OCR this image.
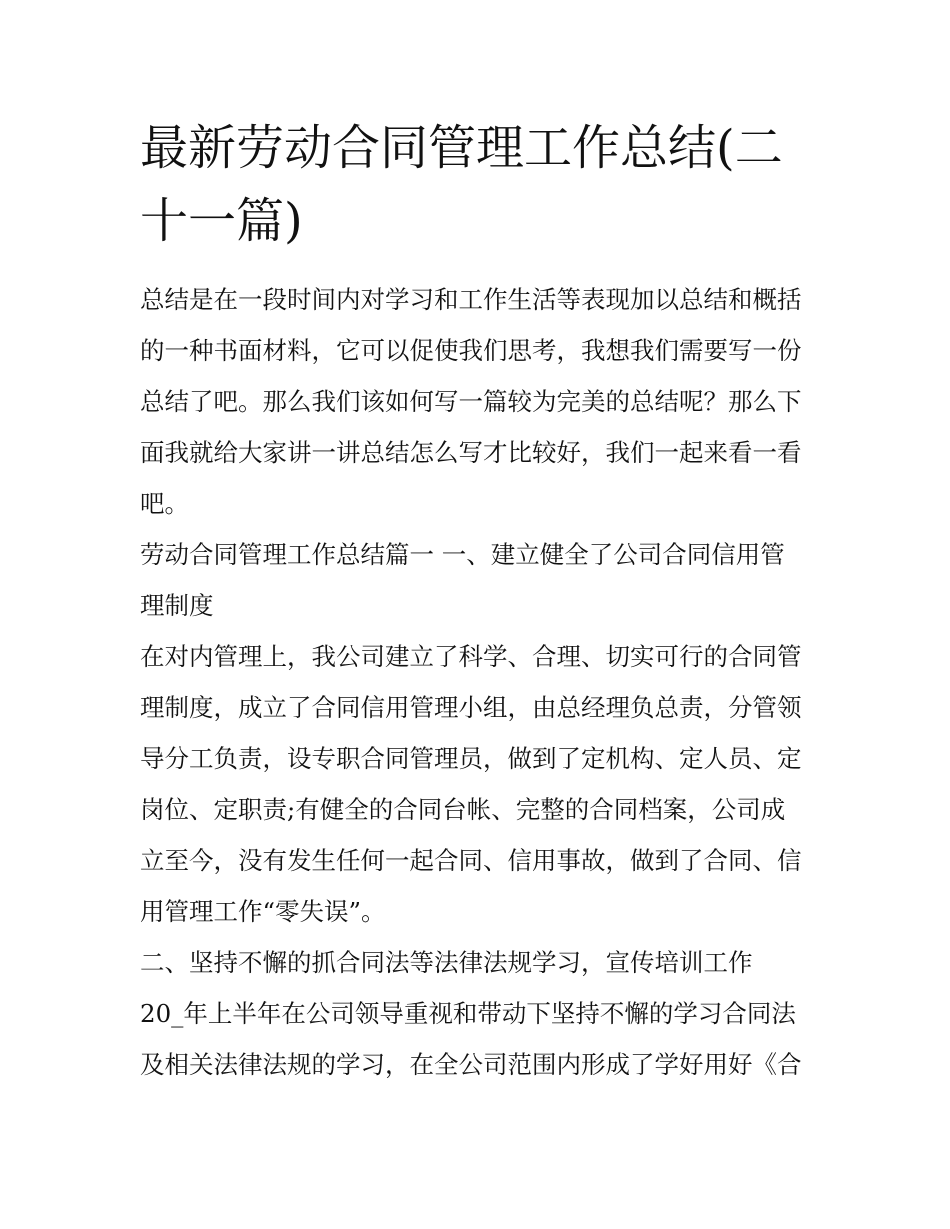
最新劳动合同管理工作总结(二
十一篇)
总结是在一段时间内对学习和工作生活等表现加以总结和概括
的一种书面材料，它可以促使我们思考，我想我们需要写一份
总结了吧。那么我们该如何写一篇较为完美的总结呢？那么下
面我就给大家讲一讲总结怎么写才比较好，我们一起来看一看
吧。
劳动合同管理工作总结篇一 一、建立健全了公司合同信用管
理制度
在对内管理上，我公司建立了科学、合理、切实可行的合同管
理制度，成立了合同信用管理小组，由总经理负总责，分管领
导分工负责，设专职合同管理员，做到了定机构、定人员、定
岗位、定职责;有健全的合同台帐、完整的合同档案，公司成
立至今，没有发生任何一起合同、信用事故，做到了合同、信
用管理工作“零失误”。
二、坚持不懈的抓合同法等法律法规学习，宣传培训工作
20_年上半年在公司领导重视和带动下坚持不懈的学习合同法
及相关法律法规的学习，在全公司范围内形成了学好用好《合
